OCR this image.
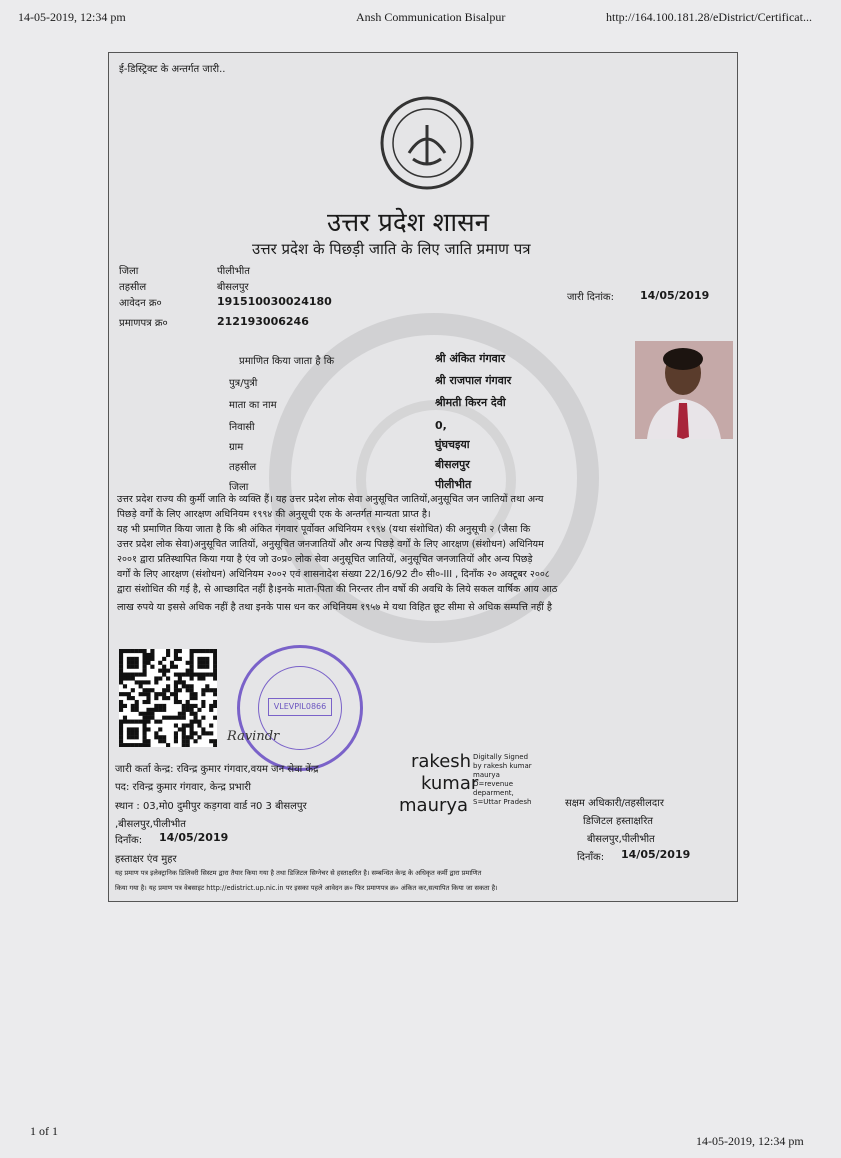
14-05-2019, 12:34 pm	Ansh Communication Bisalpur	http://164.100.181.28/eDistrict/Certificat...
ई-डिस्ट्रिक्ट के अन्तर्गत जारी..
उत्तर प्रदेश शासन
उत्तर प्रदेश के पिछड़ी जाति के लिए जाति प्रमाण पत्र
जिला	पीलीभीत
तहसील	बीसलपुर
आवेदन क्र०	191510030024180
प्रमाणपत्र क्र०	212193006246
जारी दिनांक: 14/05/2019
प्रमाणित किया जाता है कि	श्री अंकित गंगवार
पुत्र/पुत्री	श्री राजपाल गंगवार
माता का नाम	श्रीमती किरन देवी
निवासी	0,
ग्राम	घुंघचइया
तहसील	बीसलपुर
जिला	पीलीभीत
उत्तर प्रदेश राज्य की कुर्मी जाति के व्यक्ति हैं। यह उत्तर प्रदेश लोक सेवा अनुसूचित जातियों,अनुसूचित जन जातियों तथा अन्य
पिछड़े वर्गों के लिए आरक्षण अधिनियम १९९४ की अनुसूची एक के अन्तर्गत मान्यता प्राप्त है।
यह भी प्रमाणित किया जाता है कि श्री अंकित गंगवार पूर्वोक्त अधिनियम १९९४ (यथा संशोधित) की अनुसूची २ (जैसा कि
उत्तर प्रदेश लोक सेवा)अनुसूचित जातियों, अनुसूचित जनजातियों और अन्य पिछड़े वर्गों के लिए आरक्षण (संशोधन) अधिनियम
२००१ द्वारा प्रतिस्थापित किया गया है एंव जो उ०प्र० लोक सेवा अनुसूचित जातियों, अनुसूचित जनजातियों और अन्य पिछड़े
वर्गों के लिए आरक्षण (संशोधन) अधिनियम २००२ एवं शासनादेश संख्या 22/16/92 टी० सी०-III , दिनाँक २० अक्टूबर २००८
द्वारा संशोधित की गई है, से आच्छादित नहीं है।इनके माता-पिता की निरन्तर तीन वर्षो की अवधि के लिये सकल वार्षिक आय आठ
लाख रुपये या इससे अधिक नहीं है तथा इनके पास धन कर अधिनियम १९५७ मे यथा विहित छूट सीमा से अधिक सम्पत्ति नहीं है
VLEVPIL0866
Ravindr
जारी कर्ता केन्द्र: रविन्द्र कुमार गंगवार,वयम जन सेवा केंद्र
पद: रविन्द्र कुमार गंगवार, केन्द्र प्रभारी
स्थान : 03,मो0 दुमीपुर कड़गवा वार्ड न0 3 बीसलपुर
,बीसलपुर,पीलीभीत
दिनाँक: 14/05/2019
हस्ताक्षर एंव मुहर
rakesh
kumar
maurya
Digitally Signed
by rakesh kumar
maurya
O=revenue
deparment,
S=Uttar Pradesh	सक्षम अधिकारी/तहसीलदार
डिजिटल हस्ताक्षरित
बीसलपुर,पीलीभीत
दिनाँक: 14/05/2019
यह प्रमाण पत्र इलेक्ट्रानिक डिलिवरी सिस्टम द्वारा तैयार किया गया है तथा डिजिटल सिग्नेचर से हस्ताक्षरित है। सम्बन्धित केन्द्र के अधिकृत कर्मी द्वारा प्रमाणित
किया गया है। यह प्रमाण पत्र वेबसाइट http://edistrict.up.nic.in पर इसका पहले आवेदन क्र० फिर प्रमाणपत्र क्र० अंकित कर,सत्यापित किया जा सकता है।
1 of 1
14-05-2019, 12:34 pm
